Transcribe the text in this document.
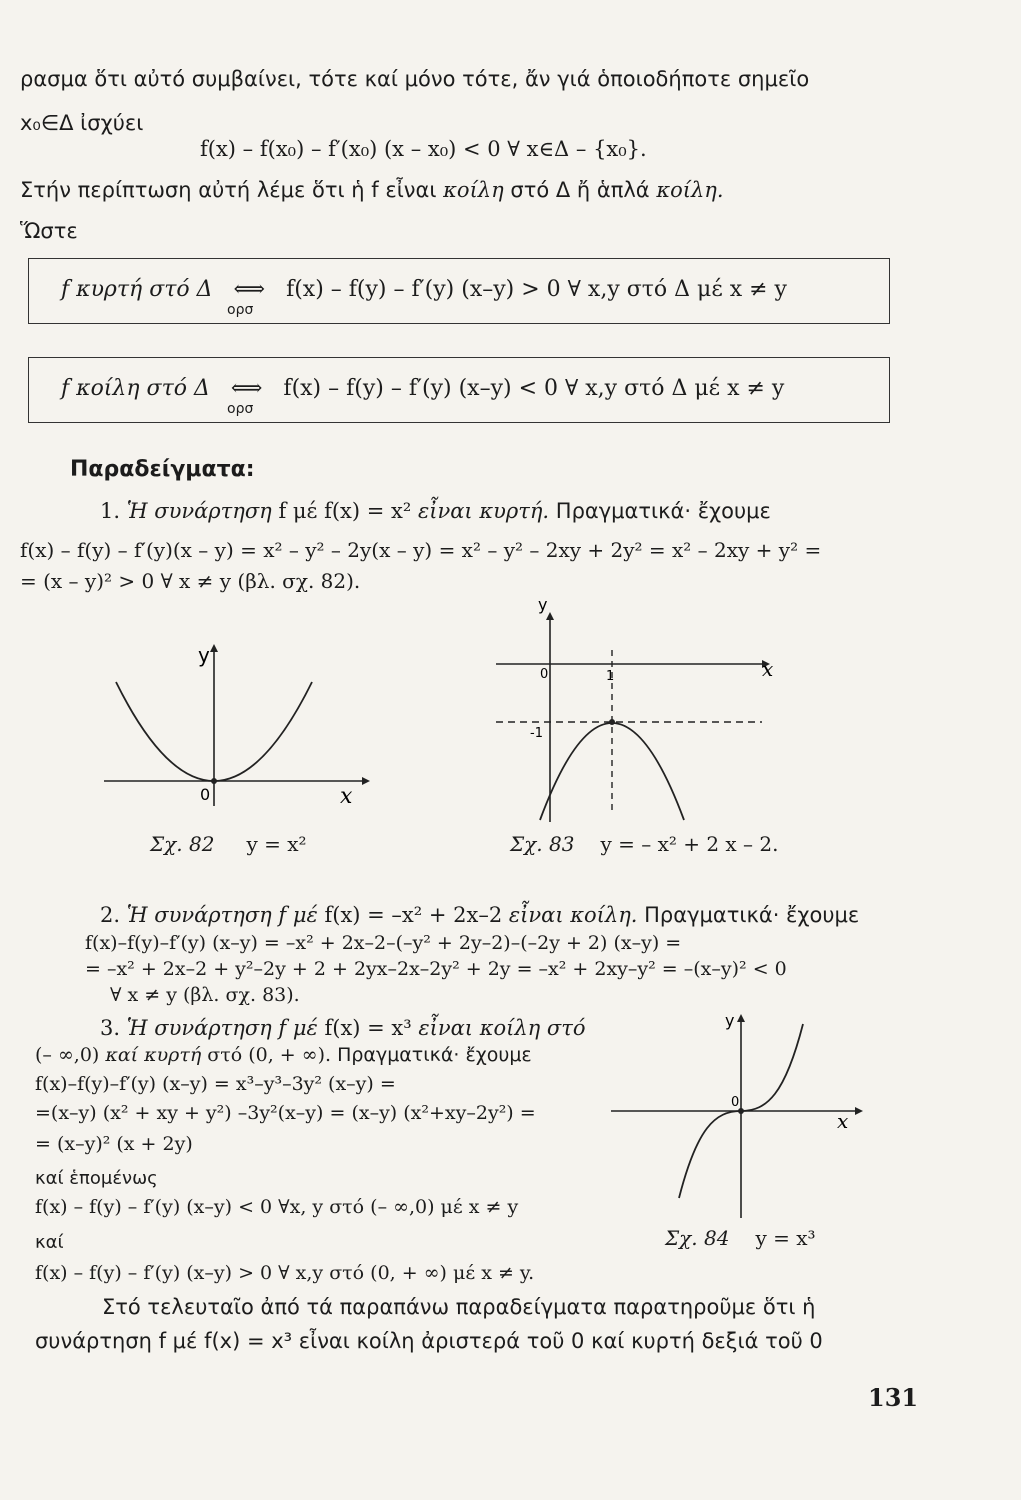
ρασμα ὅτι αὐτό συμβαίνει, τότε καί μόνο τότε, ἄν γιά ὁποιοδήποτε σημεῖο
x₀∈Δ ἰσχύει
f(x) – f(x₀) – f′(x₀) (x – x₀) < 0 ∀ x∈Δ – {x₀}.
Στήν περίπτωση αὐτή λέμε ὅτι ἡ f εἶναι κοίλη στό Δ ἤ ἁπλά κοίλη.
Ὥστε
f κυρτή στό Δ ⟺ f(x) – f(y) – f′(y) (x–y) > 0 ∀ x,y στό Δ μέ x ≠ y
ορσ
f κοίλη στό Δ ⟺ f(x) – f(y) – f′(y) (x–y) < 0 ∀ x,y στό Δ μέ x ≠ y
ορσ
Παραδείγματα:
1. Ἡ συνάρτηση f μέ f(x) = x² εἶναι κυρτή. Πραγματικά· ἔχουμε
f(x) – f(y) – f′(y)(x – y) = x² – y² – 2y(x – y) = x² – y² – 2xy + 2y² = x² – 2xy + y² =
= (x – y)² > 0 ∀ x ≠ y (βλ. σχ. 82).
y
x
0
Σχ. 82 y = x²
y
x
0	1
-1
Σχ. 83 y = – x² + 2 x – 2.
2. Ἡ συνάρτηση f μέ f(x) = –x² + 2x–2 εἶναι κοίλη. Πραγματικά· ἔχουμε
f(x)–f(y)–f′(y) (x–y) = –x² + 2x–2–(–y² + 2y–2)–(–2y + 2) (x–y) =
= –x² + 2x–2 + y²–2y + 2 + 2yx–2x–2y² + 2y = –x² + 2xy–y² = –(x–y)² < 0
∀ x ≠ y (βλ. σχ. 83).
3. Ἡ συνάρτηση f μέ f(x) = x³ εἶναι κοίλη στό
(– ∞,0) καί κυρτή στό (0, + ∞). Πραγματικά· ἔχουμε
f(x)–f(y)–f′(y) (x–y) = x³–y³–3y² (x–y) =
=(x–y) (x² + xy + y²) –3y²(x–y) = (x–y) (x²+xy–2y²) =
= (x–y)² (x + 2y)
καί ἑπομένως
f(x) – f(y) – f′(y) (x–y) < 0 ∀x, y στό (– ∞,0) μέ x ≠ y
καί
f(x) – f(y) – f′(y) (x–y) > 0 ∀ x,y στό (0, + ∞) μέ x ≠ y.
y
x
0
Σχ. 84 y = x³
Στό τελευταῖο ἀπό τά παραπάνω παραδείγματα παρατηροῦμε ὅτι ἡ
συνάρτηση f μέ f(x) = x³ εἶναι κοίλη ἀριστερά τοῦ 0 καί κυρτή δεξιά τοῦ 0
131
